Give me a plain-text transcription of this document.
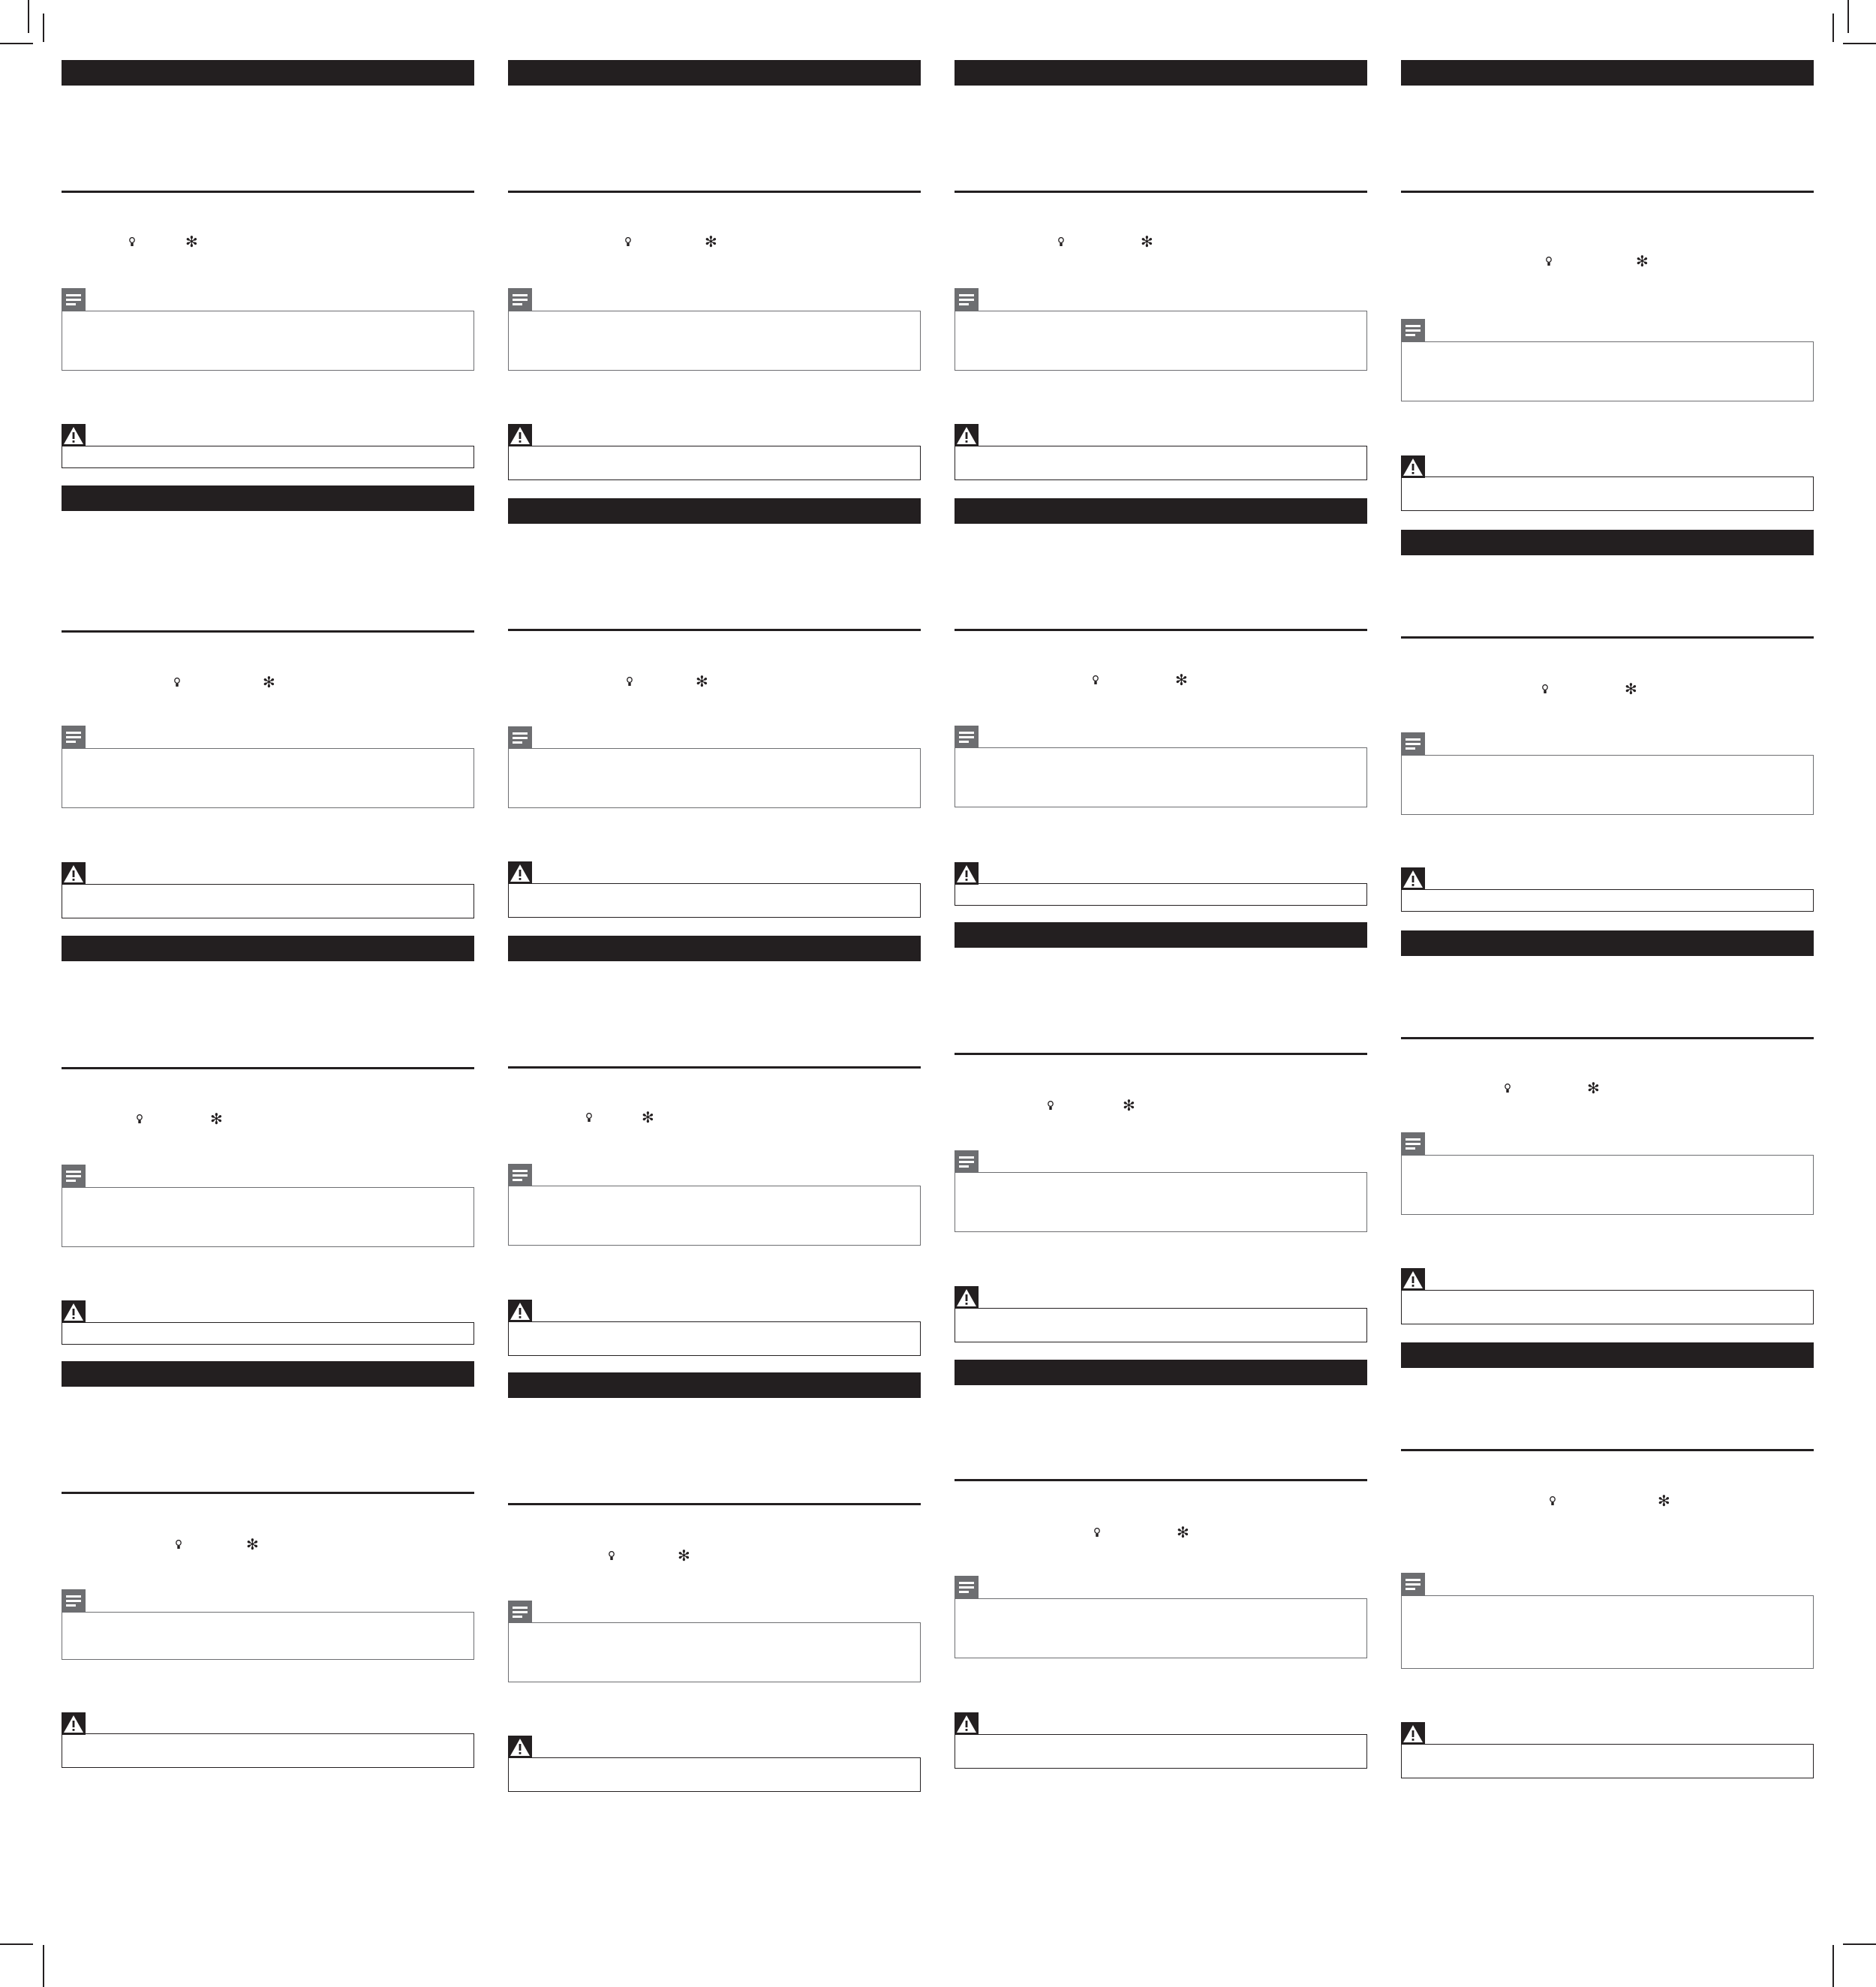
✻
✻
✻
✻
✻
✻
✻
✻
✻
✻
✻
✻
✻
✻
✻
✻
